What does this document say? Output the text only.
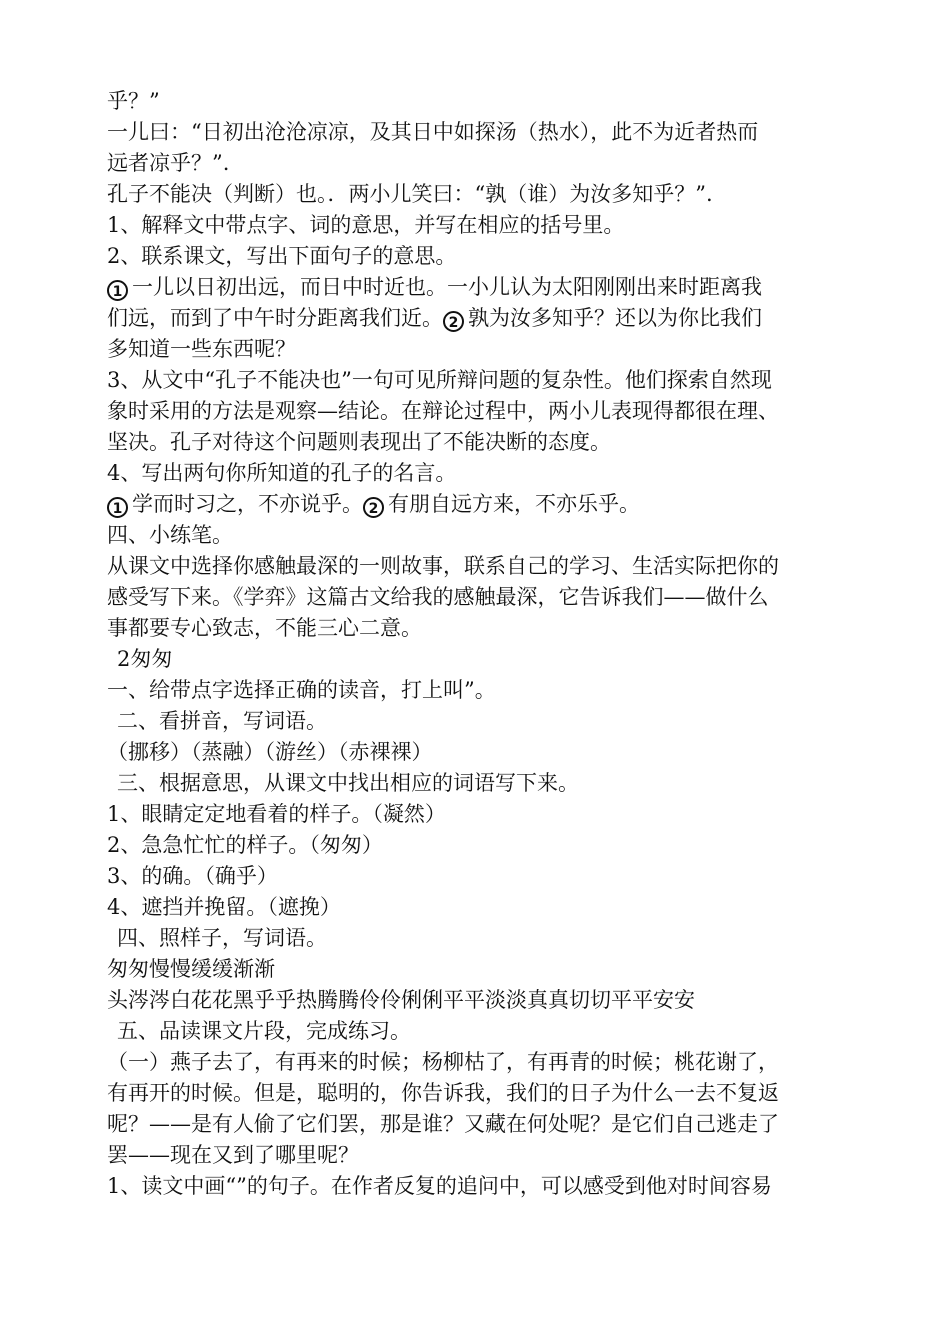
乎？”
一儿曰：“日初出沧沧凉凉，及其日中如探汤（热水），此不为近者热而
远者凉乎？”.
孔子不能决（判断）也。．两小儿笑曰：“孰（谁）为汝多知乎？”.
1、解释文中带点字、词的意思，并写在相应的括号里。
2、联系课文，写出下面句子的意思。
1 一儿以日初出远，而日中时近也。一小儿认为太阳刚刚出来时距离我
们远，而到了中午时分距离我们近。 2 孰为汝多知乎？还以为你比我们
多知道一些东西呢？
3、从文中“孔子不能决也”一句可见所辩问题的复杂性。他们探索自然现
象时采用的方法是观察—结论。在辩论过程中，两小儿表现得都很在理、
坚决。孔子对待这个问题则表现出了不能决断的态度。
4、写出两句你所知道的孔子的名言。
1 学而时习之，不亦说乎。 2 有朋自远方来，不亦乐乎。
四、小练笔。
从课文中选择你感触最深的一则故事，联系自己的学习、生活实际把你的
感受写下来。《学弈》这篇古文给我的感触最深，它告诉我们——做什么
事都要专心致志，不能三心二意。
2匆匆
一、给带点字选择正确的读音，打上叫”。
二、看拼音，写词语。
（挪移）（蒸融）（游丝）（赤裸裸）
三、根据意思，从课文中找出相应的词语写下来。
1、眼睛定定地看着的样子。（凝然）
2、急急忙忙的样子。（匆匆）
3、的确。（确乎）
4、遮挡并挽留。（遮挽）
四、照样子，写词语。
匆匆慢慢缓缓渐渐
头涔涔白花花黑乎乎热腾腾伶伶俐俐平平淡淡真真切切平平安安
五、品读课文片段，完成练习。
（一）燕子去了，有再来的时候；杨柳枯了，有再青的时候；桃花谢了，
有再开的时候。但是，聪明的，你告诉我，我们的日子为什么一去不复返
呢？——是有人偷了它们罢，那是谁？又藏在何处呢？是它们自己逃走了
罢——现在又到了哪里呢？
1、读文中画“”的句子。在作者反复的追问中，可以感受到他对时间容易
